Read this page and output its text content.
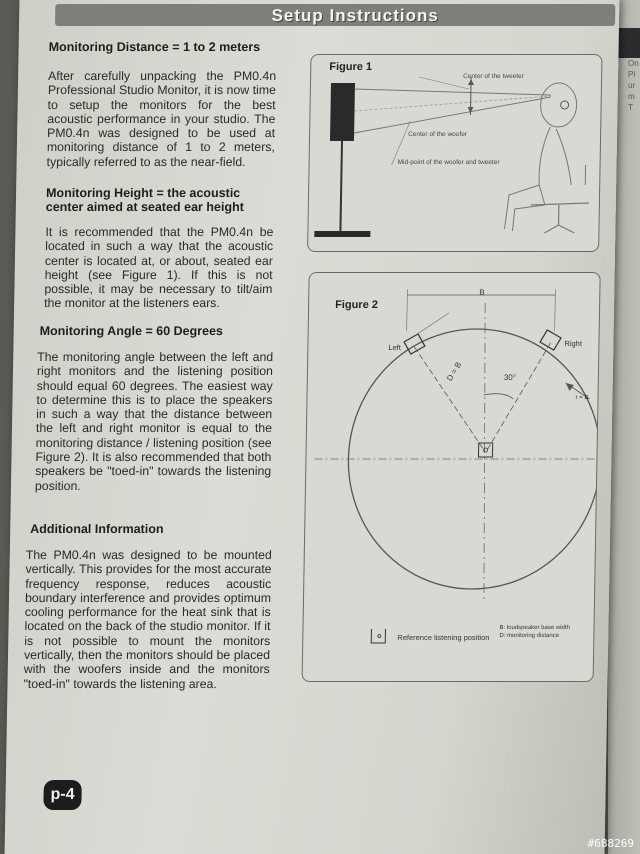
On
Pl
ur
m
T
Setup Instructions
Monitoring Distance = 1 to 2 meters
After carefully unpacking the PM0.4n Professional Studio Monitor, it is now time to setup the monitors for the best acoustic performance in your studio. The PM0.4n was designed to be used at monitoring distance of 1 to 2 meters, typically referred to as the near-field.
Monitoring Height = the acoustic center aimed at seated ear height
It is recommended that the PM0.4n be located in such a way that the acoustic center is located at, or about, seated ear height (see Figure 1). If this is not possible, it may be necessary to tilt/aim the monitor at the listeners ears.
Monitoring Angle = 60 Degrees
The monitoring angle between the left and right monitors and the listening position should equal 60 degrees. The easiest way to determine this is to place the speakers in such a way that the distance between the left and right monitor is equal to the monitoring distance / listening position (see Figure 2). It is also recommended that both speakers be "toed-in" towards the listening position.
Additional Information
The PM0.4n was designed to be mounted vertically. This provides for the most accurate frequency response, reduces acoustic boundary interference and provides optimum cooling performance for the heat sink that is located on the back of the studio monitor. If it is not possible to mount the monitors vertically, then the monitors should be placed with the woofers inside and the monitors "toed-in" towards the listening area.
Figure 1
Center of the tweeter
Center of the woofer
Mid-point of the woofer and tweeter
Figure 2
B
Left	Right
D = B	30°
r = B
Reference listening position
B: loudspeaker base width
D: monitoring distance
p-4
#688269
